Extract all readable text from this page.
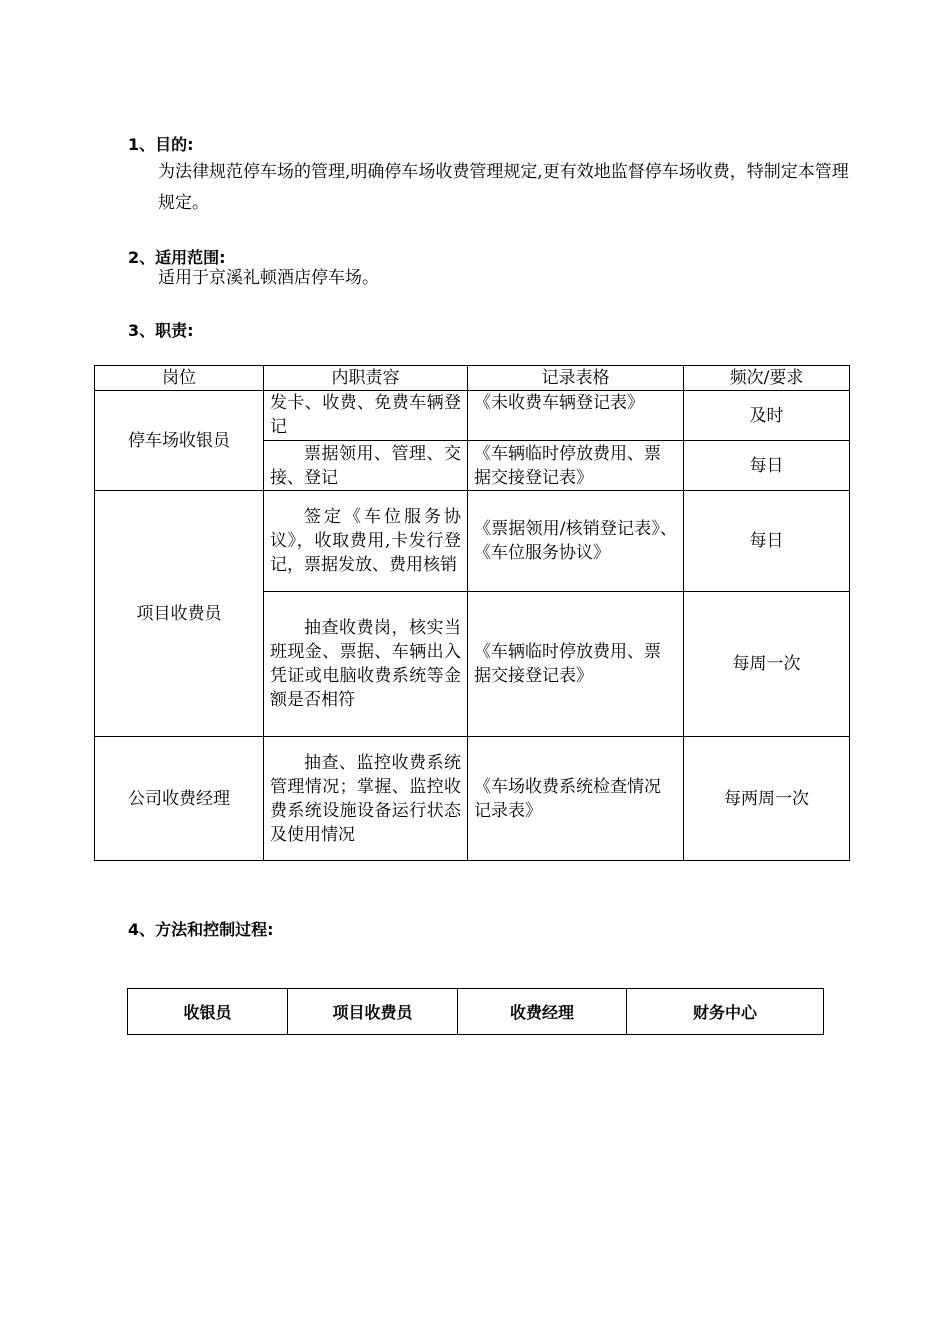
1、目的:
为法律规范停车场的管理,明确停车场收费管理规定,更有效地监督停车场收费，特制定本管理规定。
2、适用范围:
适用于京溪礼顿酒店停车场。
3、职责:
岗位	内职责容	记录表格	频次/要求
停车场收银员	发卡、收费、免费车辆登记	《未收费车辆登记表》	及时
	票据领用、管理、交接、登记	《车辆临时停放费用、票据交接登记表》	每日
项目收费员	签定《车位服务协议》，收取费用,卡发行登记，票据发放、费用核销	《票据领用/核销登记表》、《车位服务协议》	每日
	抽查收费岗，核实当班现金、票据、车辆出入凭证或电脑收费系统等金额是否相符	《车辆临时停放费用、票据交接登记表》	每周一次
公司收费经理	抽查、监控收费系统管理情况；掌握、监控收费系统设施设备运行状态及使用情况	《车场收费系统检查情况记录表》	每两周一次
4、方法和控制过程:
收银员	项目收费员	收费经理	财务中心
